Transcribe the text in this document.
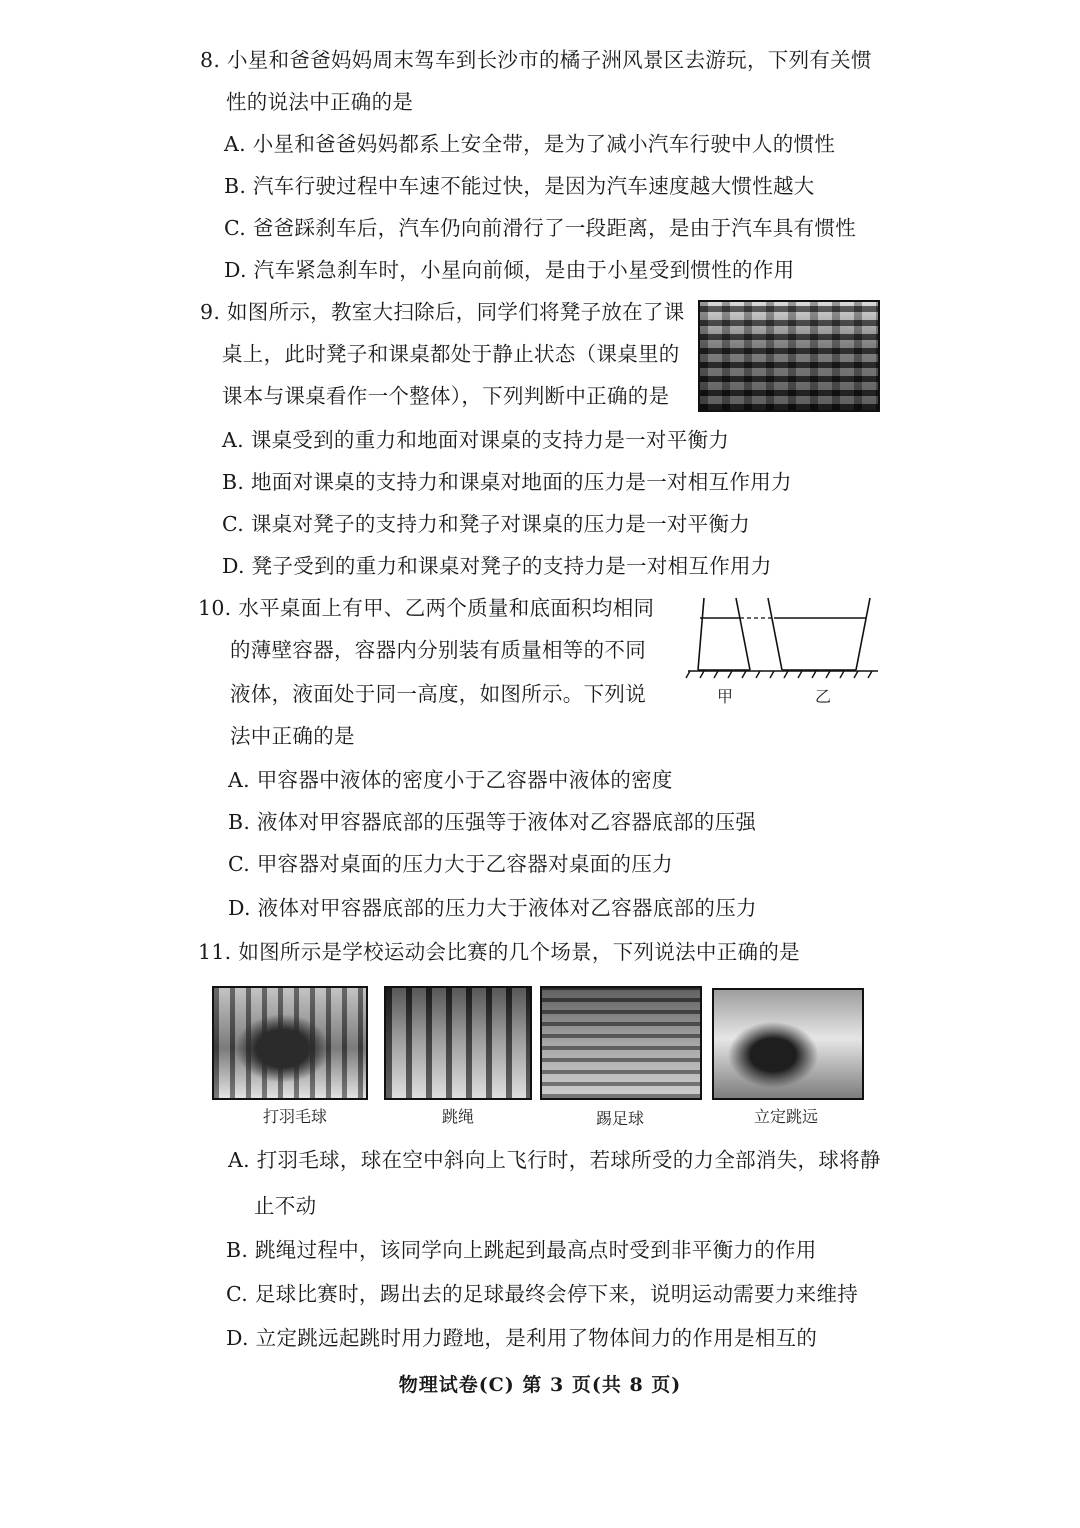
8. 小星和爸爸妈妈周末驾车到长沙市的橘子洲风景区去游玩，下列有关惯
性的说法中正确的是
A. 小星和爸爸妈妈都系上安全带，是为了减小汽车行驶中人的惯性
B. 汽车行驶过程中车速不能过快，是因为汽车速度越大惯性越大
C. 爸爸踩刹车后，汽车仍向前滑行了一段距离，是由于汽车具有惯性
D. 汽车紧急刹车时，小星向前倾，是由于小星受到惯性的作用
9. 如图所示，教室大扫除后，同学们将凳子放在了课
桌上，此时凳子和课桌都处于静止状态（课桌里的
课本与课桌看作一个整体），下列判断中正确的是
A. 课桌受到的重力和地面对课桌的支持力是一对平衡力
B. 地面对课桌的支持力和课桌对地面的压力是一对相互作用力
C. 课桌对凳子的支持力和凳子对课桌的压力是一对平衡力
D. 凳子受到的重力和课桌对凳子的支持力是一对相互作用力
10. 水平桌面上有甲、乙两个质量和底面积均相同
的薄壁容器，容器内分别装有质量相等的不同
液体，液面处于同一高度，如图所示。下列说
法中正确的是
甲	乙
A. 甲容器中液体的密度小于乙容器中液体的密度
B. 液体对甲容器底部的压强等于液体对乙容器底部的压强
C. 甲容器对桌面的压力大于乙容器对桌面的压力
D. 液体对甲容器底部的压力大于液体对乙容器底部的压力
11. 如图所示是学校运动会比赛的几个场景，下列说法中正确的是
打羽毛球	跳绳	踢足球	立定跳远
A. 打羽毛球，球在空中斜向上飞行时，若球所受的力全部消失，球将静
止不动
B. 跳绳过程中，该同学向上跳起到最高点时受到非平衡力的作用
C. 足球比赛时，踢出去的足球最终会停下来，说明运动需要力来维持
D. 立定跳远起跳时用力蹬地，是利用了物体间力的作用是相互的
物理试卷(C) 第 3 页(共 8 页)
